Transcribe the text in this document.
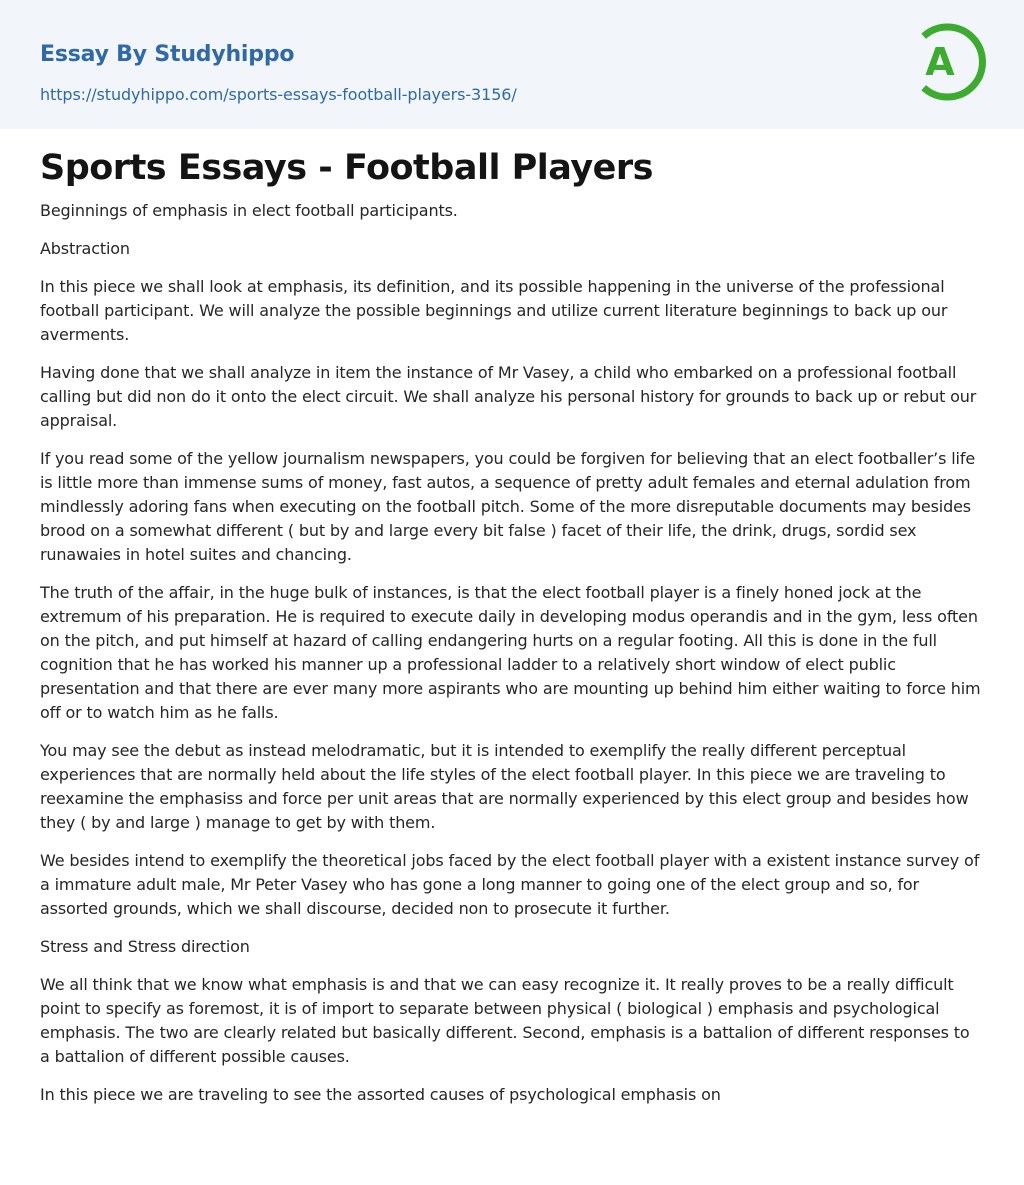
Essay By Studyhippo
https://studyhippo.com/sports-essays-football-players-3156/
A
Sports Essays - Football Players

Beginnings of emphasis in elect football participants.

Abstraction

In this piece we shall look at emphasis, its definition, and its possible happening in the universe of the professional football participant. We will analyze the possible beginnings and utilize current literature beginnings to back up our averments.

Having done that we shall analyze in item the instance of Mr Vasey, a child who embarked on a professional football calling but did non do it onto the elect circuit. We shall analyze his personal history for grounds to back up or rebut our appraisal.

If you read some of the yellow journalism newspapers, you could be forgiven for believing that an elect footballer’s life is little more than immense sums of money, fast autos, a sequence of pretty adult females and eternal adulation from mindlessly adoring fans when executing on the football pitch. Some of the more disreputable documents may besides brood on a somewhat different ( but by and large every bit false ) facet of their life, the drink, drugs, sordid sex runawaies in hotel suites and chancing.

The truth of the affair, in the huge bulk of instances, is that the elect football player is a finely honed jock at the extremum of his preparation. He is required to execute daily in developing modus operandis and in the gym, less often on the pitch, and put himself at hazard of calling endangering hurts on a regular footing. All this is done in the full cognition that he has worked his manner up a professional ladder to a relatively short window of elect public presentation and that there are ever many more aspirants who are mounting up behind him either waiting to force him off or to watch him as he falls.

You may see the debut as instead melodramatic, but it is intended to exemplify the really different perceptual experiences that are normally held about the life styles of the elect football player. In this piece we are traveling to reexamine the emphasiss and force per unit areas that are normally experienced by this elect group and besides how they ( by and large ) manage to get by with them.

We besides intend to exemplify the theoretical jobs faced by the elect football player with a existent instance survey of a immature adult male, Mr Peter Vasey who has gone a long manner to going one of the elect group and so, for assorted grounds, which we shall discourse, decided non to prosecute it further.

Stress and Stress direction

We all think that we know what emphasis is and that we can easy recognize it. It really proves to be a really difficult point to specify as foremost, it is of import to separate between physical ( biological ) emphasis and psychological emphasis. The two are clearly related but basically different. Second, emphasis is a battalion of different responses to a battalion of different possible causes.

In this piece we are traveling to see the assorted causes of psychological emphasis on
